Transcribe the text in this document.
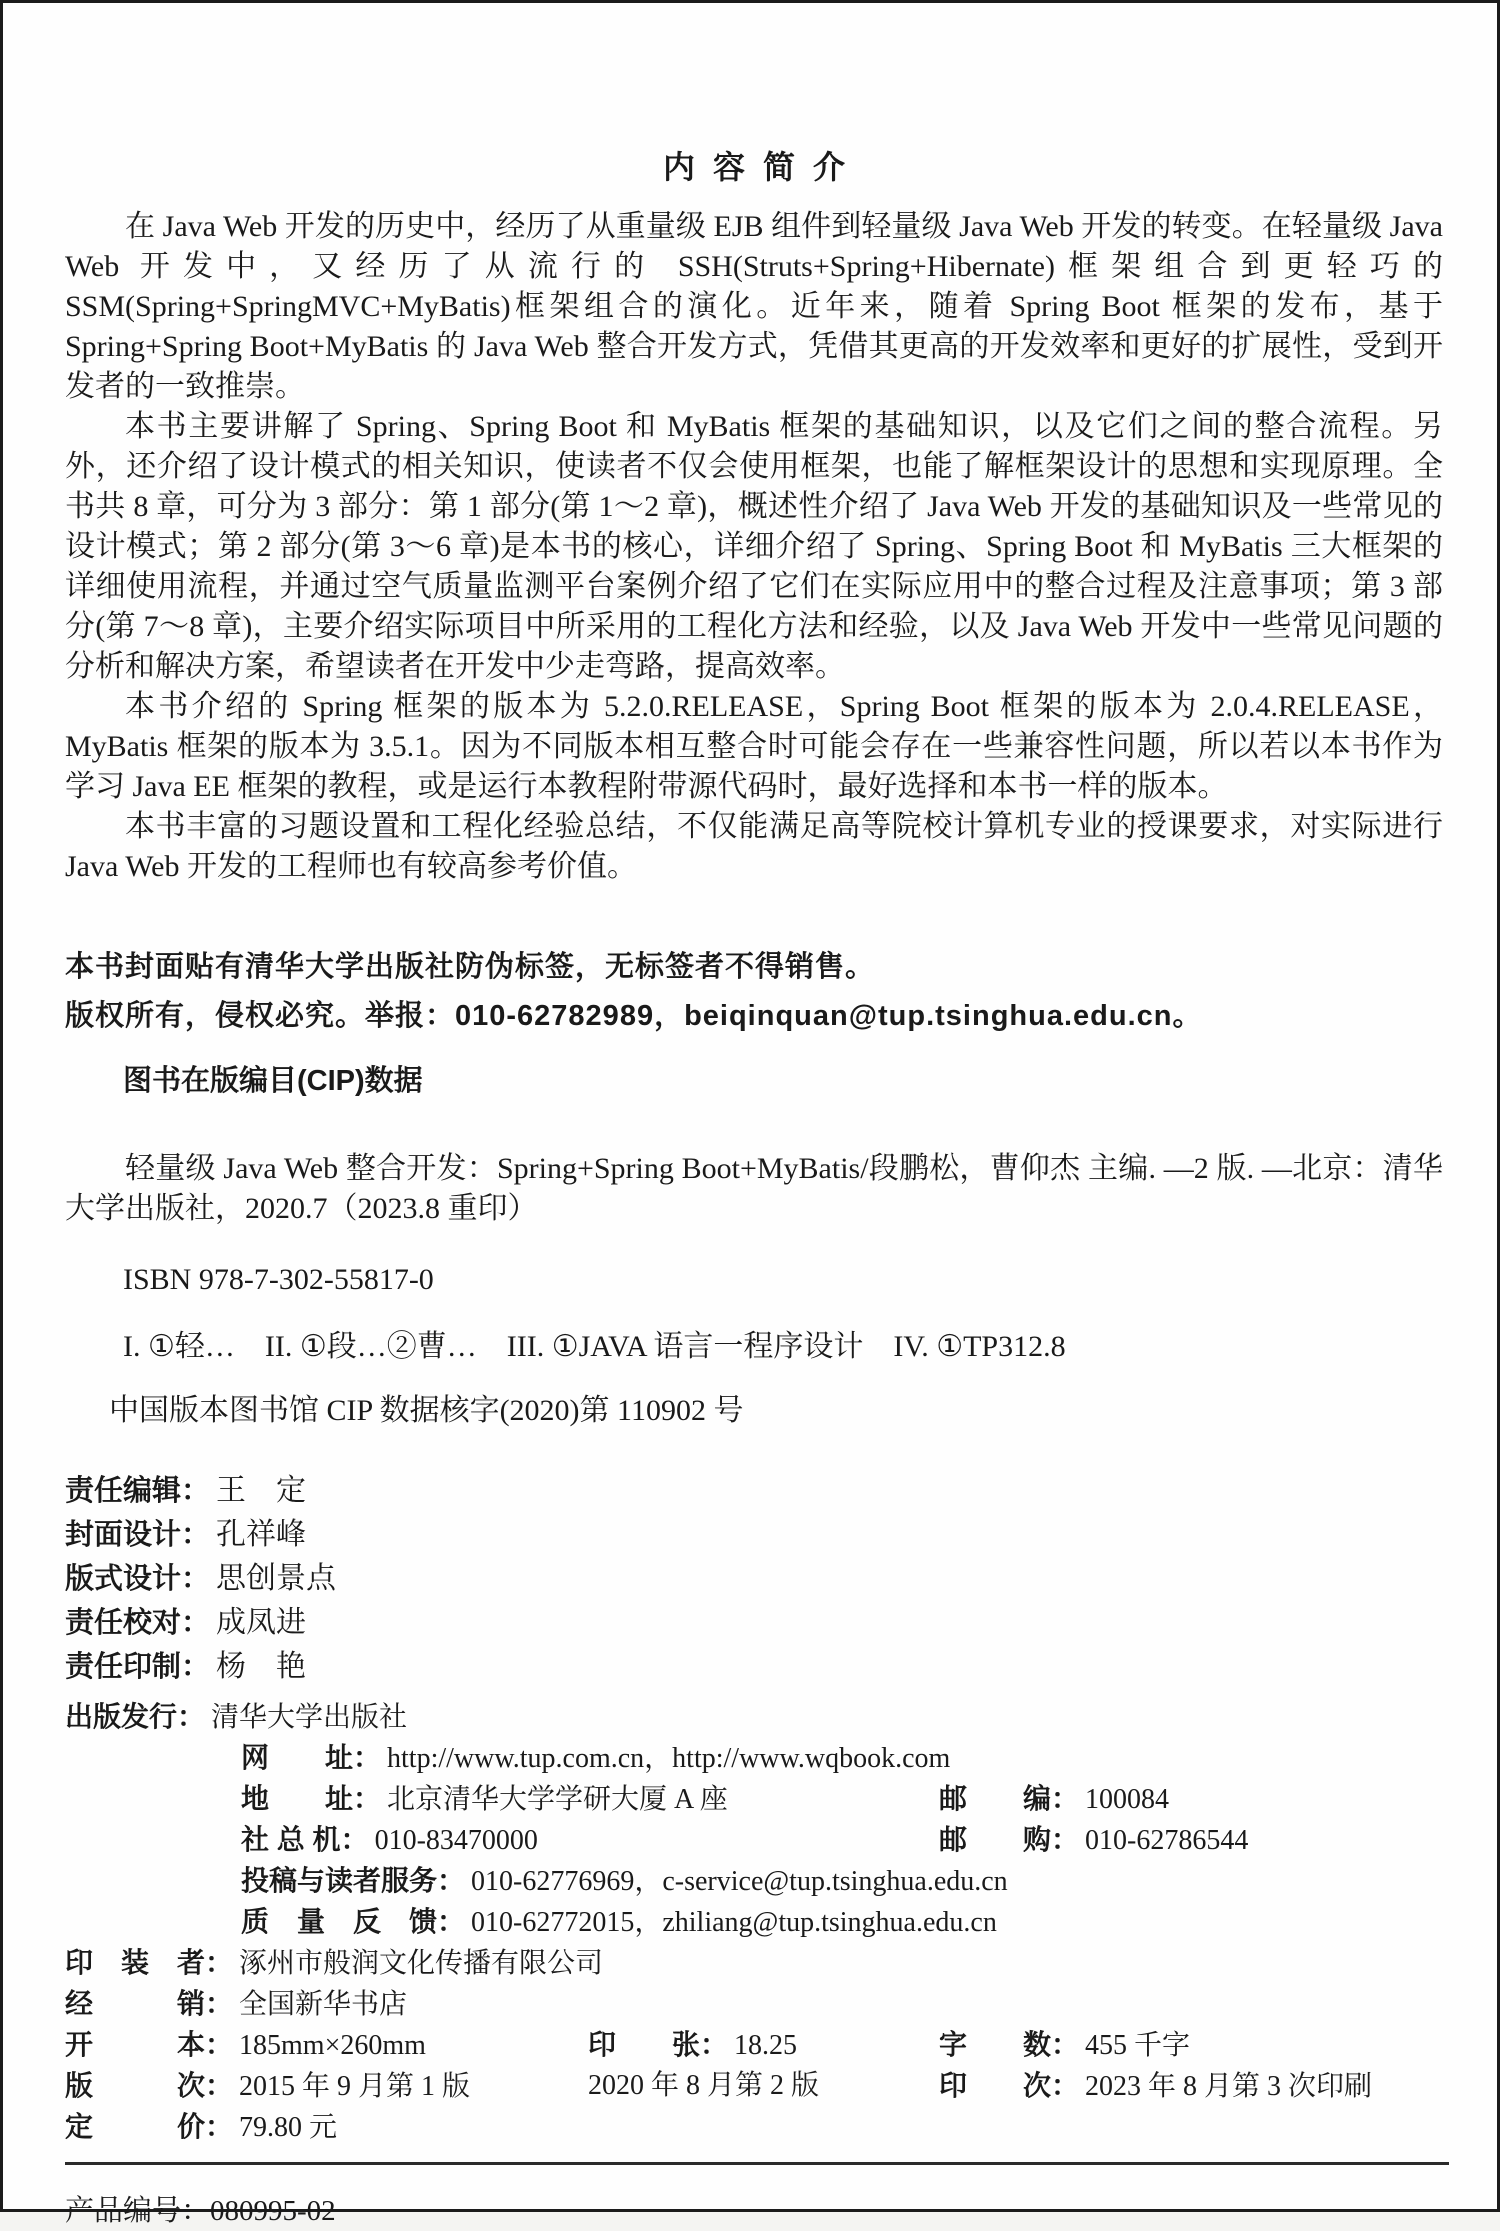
内容简介

在 Java Web 开发的历史中，经历了从重量级 EJB 组件到轻量级 Java Web 开发的转变。在轻量级 Java Web 开发中，又经历了从流行的 SSH(Struts+Spring+Hibernate)框架组合到更轻巧的 SSM(Spring+SpringMVC+MyBatis)框架组合的演化。近年来，随着 Spring Boot 框架的发布，基于 Spring+Spring Boot+MyBatis 的 Java Web 整合开发方式，凭借其更高的开发效率和更好的扩展性，受到开发者的一致推崇。

本书主要讲解了 Spring、Spring Boot 和 MyBatis 框架的基础知识，以及它们之间的整合流程。另外，还介绍了设计模式的相关知识，使读者不仅会使用框架，也能了解框架设计的思想和实现原理。全书共 8 章，可分为 3 部分：第 1 部分(第 1～2 章)，概述性介绍了 Java Web 开发的基础知识及一些常见的设计模式；第 2 部分(第 3～6 章)是本书的核心，详细介绍了 Spring、Spring Boot 和 MyBatis 三大框架的详细使用流程，并通过空气质量监测平台案例介绍了它们在实际应用中的整合过程及注意事项；第 3 部分(第 7～8 章)，主要介绍实际项目中所采用的工程化方法和经验，以及 Java Web 开发中一些常见问题的分析和解决方案，希望读者在开发中少走弯路，提高效率。

本书介绍的 Spring 框架的版本为 5.2.0.RELEASE，Spring Boot 框架的版本为 2.0.4.RELEASE，MyBatis 框架的版本为 3.5.1。因为不同版本相互整合时可能会存在一些兼容性问题，所以若以本书作为学习 Java EE 框架的教程，或是运行本教程附带源代码时，最好选择和本书一样的版本。

本书丰富的习题设置和工程化经验总结，不仅能满足高等院校计算机专业的授课要求，对实际进行 Java Web 开发的工程师也有较高参考价值。

本书封面贴有清华大学出版社防伪标签，无标签者不得销售。
版权所有，侵权必究。举报：010-62782989，beiqinquan@tup.tsinghua.edu.cn。
图书在版编目(CIP)数据

轻量级 Java Web 整合开发：Spring+Spring Boot+MyBatis/段鹏松，曹仰杰 主编. —2 版. —北京：清华大学出版社，2020.7（2023.8 重印）

ISBN 978-7-302-55817-0
I. ①轻…　II. ①段…②曹…　III. ①JAVA 语言一程序设计　IV. ①TP312.8
中国版本图书馆 CIP 数据核字(2020)第 110902 号
责任编辑： 王　定
封面设计： 孔祥峰
版式设计： 思创景点
责任校对： 成凤进
责任印制： 杨　艳
出版发行： 清华大学出版社
网　　址： http://www.tup.com.cn，http://www.wqbook.com
地　　址： 北京清华大学学研大厦 A 座	邮　　编： 100084
社 总 机： 010-83470000	邮　　购： 010-62786544
投稿与读者服务： 010-62776969，c-service@tup.tsinghua.edu.cn
质　量　反　馈： 010-62772015，zhiliang@tup.tsinghua.edu.cn
印　装　者： 涿州市般润文化传播有限公司
经　　　销： 全国新华书店
开　　　本： 185mm×260mm	印　　张： 18.25	字　　数： 455 千字
版　　　次： 2015 年 9 月第 1 版	2020 年 8 月第 2 版	印　　次： 2023 年 8 月第 3 次印刷
定　　　价： 79.80 元
产品编号：080995-02
